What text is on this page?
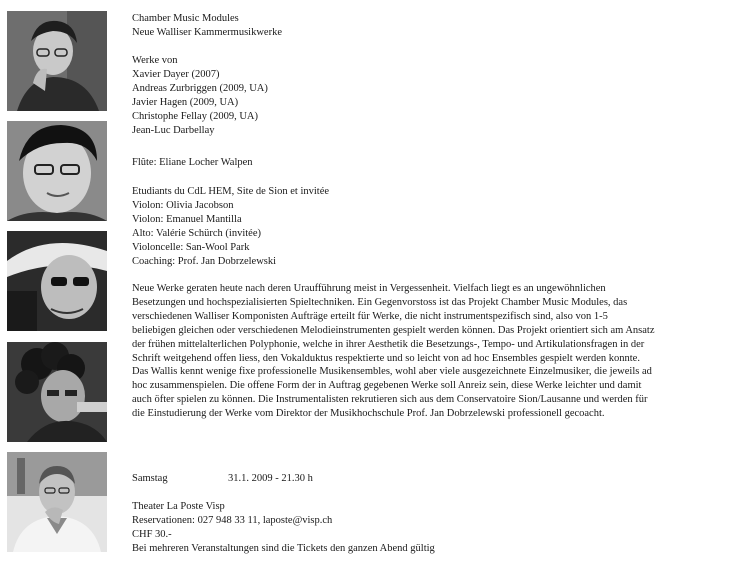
Chamber Music Modules
Neue Walliser Kammermusikwerke
Werke von
Xavier Dayer (2007)
Andreas Zurbriggen (2009, UA)
Javier Hagen (2009, UA)
Christophe Fellay (2009, UA)
Jean-Luc Darbellay
Flûte: Eliane Locher Walpen
Etudiants du CdL HEM, Site de Sion et invitée
Violon: Olivia Jacobson
Violon: Emanuel Mantilla
Alto: Valérie Schürch (invitée)
Violoncelle: San-Wool Park
Coaching: Prof. Jan Dobrzelewski
Neue Werke geraten heute nach deren Uraufführung meist in Vergessenheit. Vielfach liegt es an ungewöhnlichen
Besetzungen und hochspezialisierten Spieltechniken. Ein Gegenvorstoss ist das Projekt Chamber Music Modules, das
verschiedenen Walliser Komponisten Aufträge erteilt für Werke, die nicht instrumentspezifisch sind, also von 1-5
beliebigen gleichen oder verschiedenen Melodieinstrumenten gespielt werden können. Das Projekt orientiert sich am Ansatz
der frühen mittelalterlichen Polyphonie, welche in ihrer Aesthetik die Besetzungs-, Tempo- und Artikulationsfragen in der
Schrift weitgehend offen liess, den Vokalduktus respektierte und so leicht von ad hoc Ensembles gespielt werden konnte.
Das Wallis kennt wenige fixe professionelle Musikensembles, wohl aber viele ausgezeichnete Einzelmusiker, die jeweils ad
hoc zusammenspielen. Die offene Form der in Auftrag gegebenen Werke soll Anreiz sein, diese Werke leichter und damit
auch öfter spielen zu können. Die Instrumentalisten rekrutieren sich aus dem Conservatoire Sion/Lausanne und werden für
die Einstudierung der Werke vom Direktor der Musikhochschule Prof. Jan Dobrzelewski professionell gecoacht.
Samstag	31.1. 2009 - 21.30 h
Theater La Poste Visp
Reservationen: 027 948 33 11, laposte@visp.ch
CHF 30.-
Bei mehreren Veranstaltungen sind die Tickets den ganzen Abend gültig
